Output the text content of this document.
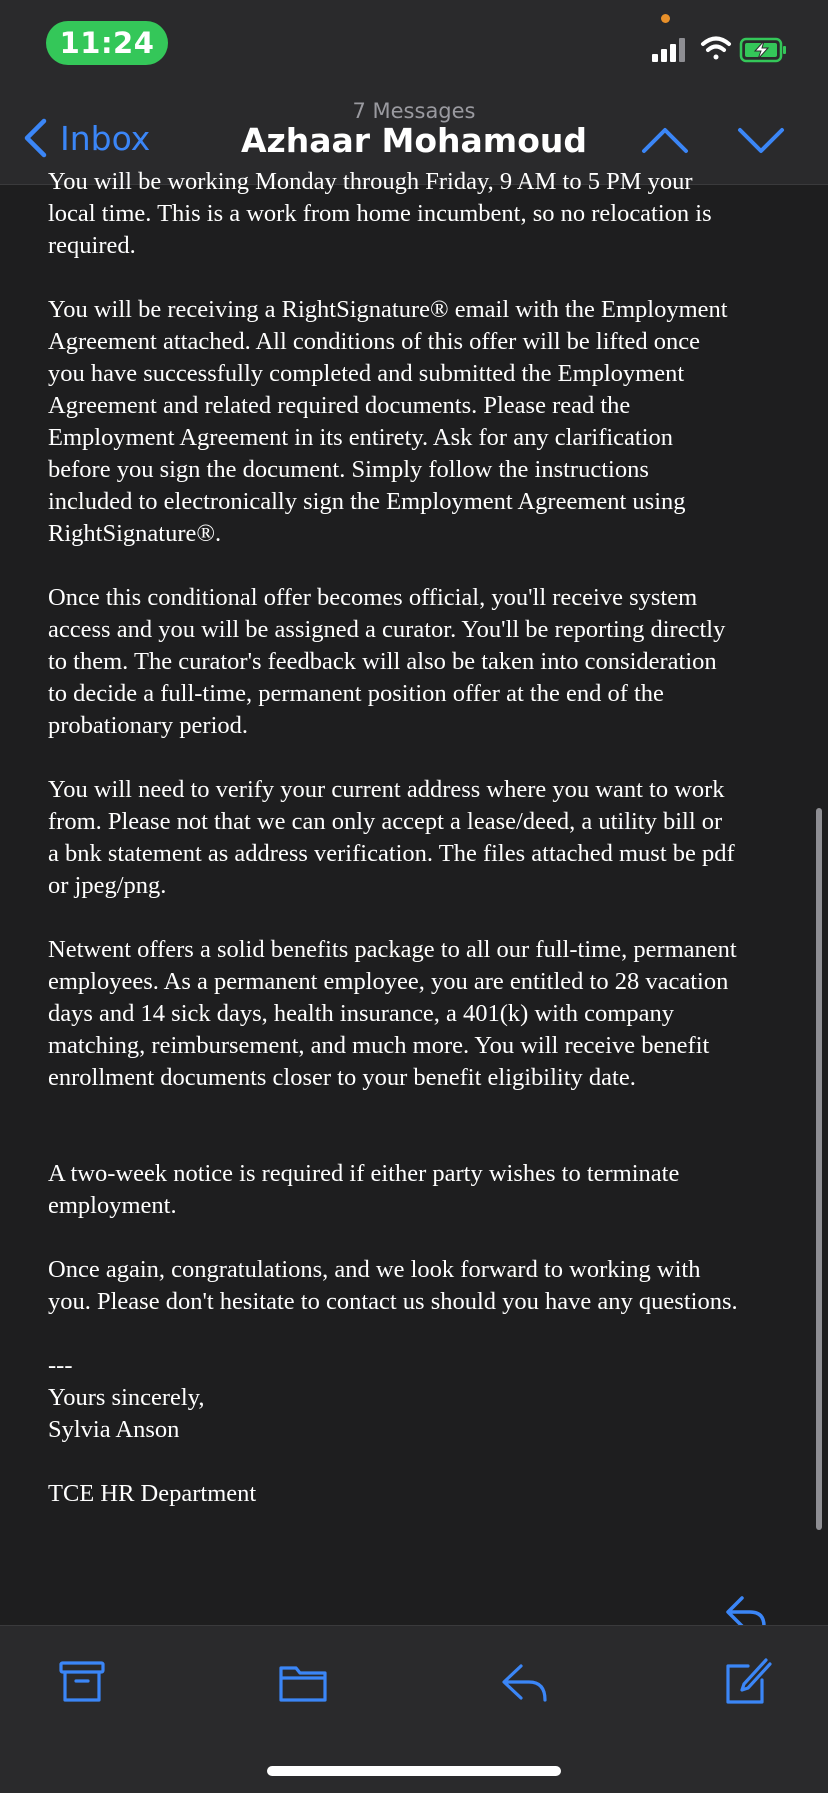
11:24
7 Messages
Azhaar Mohamoud
Inbox

You will be working Monday through Friday, 9 AM to 5 PM your
local time. This is a work from home incumbent, so no relocation is
required.

You will be receiving a RightSignature® email with the Employment
Agreement attached. All conditions of this offer will be lifted once
you have successfully completed and submitted the Employment
Agreement and related required documents. Please read the
Employment Agreement in its entirety. Ask for any clarification
before you sign the document. Simply follow the instructions
included to electronically sign the Employment Agreement using
RightSignature®.

Once this conditional offer becomes official, you'll receive system
access and you will be assigned a curator. You'll be reporting directly
to them. The curator's feedback will also be taken into consideration
to decide a full-time, permanent position offer at the end of the
probationary period.

You will need to verify your current address where you want to work
from. Please not that we can only accept a lease/deed, a utility bill or
a bnk statement as address verification. The files attached must be pdf
or jpeg/png.

Netwent offers a solid benefits package to all our full-time, permanent
employees. As a permanent employee, you are entitled to 28 vacation
days and 14 sick days, health insurance, a 401(k) with company
matching, reimbursement, and much more. You will receive benefit
enrollment documents closer to your benefit eligibility date.

A two-week notice is required if either party wishes to terminate
employment.

Once again, congratulations, and we look forward to working with
you. Please don't hesitate to contact us should you have any questions.

---
Yours sincerely,
Sylvia Anson

TCE HR Department
